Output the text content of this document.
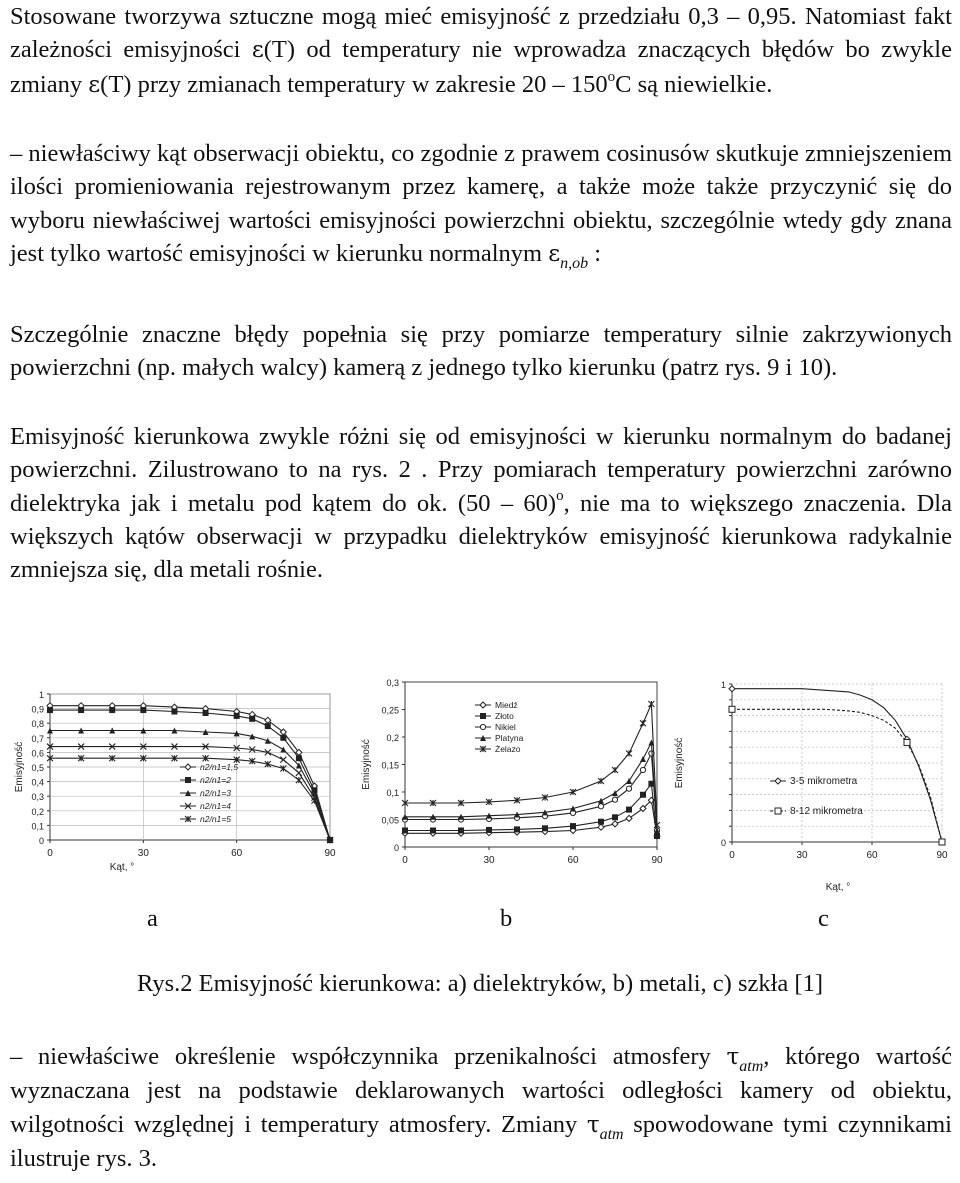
Stosowane tworzywa sztuczne mogą mieć emisyjność z przedziału 0,3 – 0,95. Natomiast fakt zależności emisyjności ε(T) od temperatury nie wprowadza znaczących błędów bo zwykle zmiany ε(T) przy zmianach temperatury w zakresie 20 – 150$^o$C są niewielkie.

– niewłaściwy kąt obserwacji obiektu, co zgodnie z prawem cosinusów skutkuje zmniejszeniem ilości promieniowania rejestrowanym przez kamerę, a także może także przyczynić się do wyboru niewłaściwej wartości emisyjności powierzchni obiektu, szczególnie wtedy gdy znana jest tylko wartość emisyjności w kierunku normalnym $\varepsilon_{n,ob}$ :

Szczególnie znaczne błędy popełnia się przy pomiarze temperatury silnie zakrzywionych powierzchni (np. małych walcy) kamerą z jednego tylko kierunku (patrz rys. 9 i 10).

Emisyjność kierunkowa zwykle różni się od emisyjności w kierunku normalnym do badanej powierzchni. Zilustrowano to na rys. 2 . Przy pomiarach temperatury powierzchni zarówno dielektryka jak i metalu pod kątem do ok. (50 – 60)$^o$, nie ma to większego znaczenia. Dla większych kątów obserwacji w przypadku dielektryków emisyjność kierunkowa radykalnie zmniejsza się, dla metali rośnie.

0
0,1
0,2
0,3
0,4
0,5
0,6
0,7
0,8
0,9
1
0	30	60	90
Emisyjność
Kąt, °
n2/n1=1,5
n2/n1=2
n2/n1=3
n2/n1=4
n2/n1=5
0
0,05
0,1
0,15
0,2
0,25
0,3
0	30	60	90
Emisyjność
Miedź
Złoto
Nikiel
Platyna
Żelazo
0
1
0	30	60	90
Emisyjność
Kąt, °
3-5 mikrometra
8-12 mikrometra
a	b	c
Rys.2 Emisyjność kierunkowa: a) dielektryków, b) metali, c) szkła [1]

– niewłaściwe określenie współczynnika przenikalności atmosfery $\tau_{atm}$, którego wartość wyznaczana jest na podstawie deklarowanych wartości odległości kamery od obiektu, wilgotności względnej i temperatury atmosfery. Zmiany $\tau_{atm}$ spowodowane tymi czynnikami ilustruje rys. 3.
